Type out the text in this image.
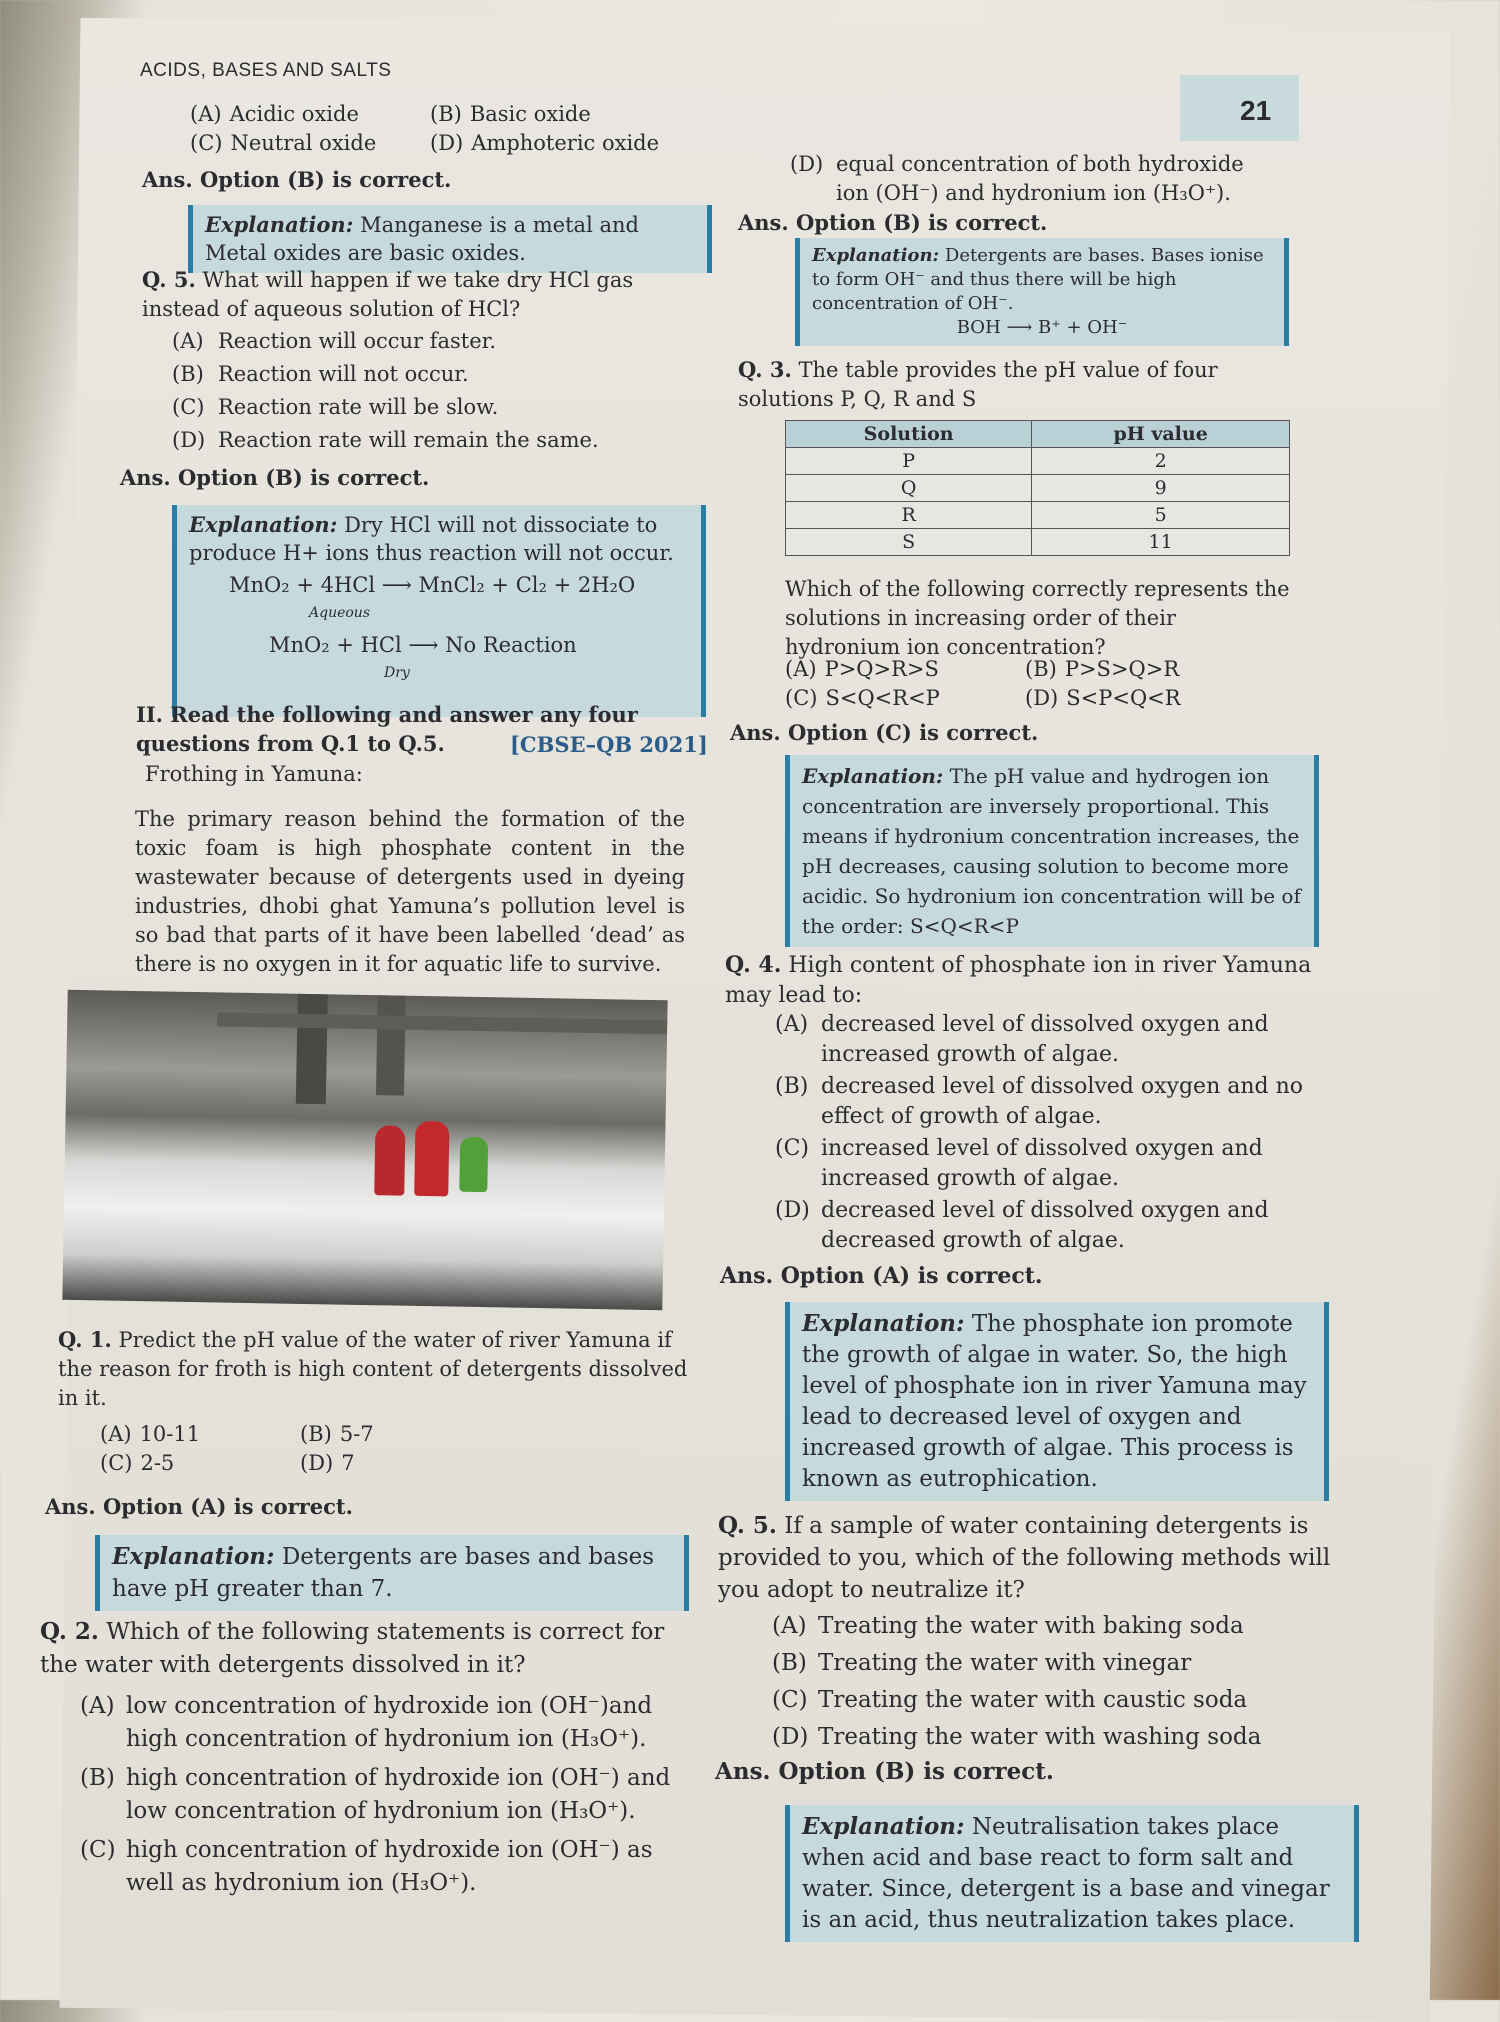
ACIDS, BASES AND SALTS
21
(A) Acidic oxide	(B) Basic oxide
(C) Neutral oxide	(D) Amphoteric oxide
Ans. Option (B) is correct.
Explanation: Manganese is a metal and Metal oxides are basic oxides.
Q. 5. What will happen if we take dry HCl gas instead of aqueous solution of HCl?
(A) Reaction will occur faster.
(B) Reaction will not occur.
(C) Reaction rate will be slow.
(D) Reaction rate will remain the same.
Ans. Option (B) is correct.
Explanation: Dry HCl will not dissociate to produce H+ ions thus reaction will not occur.
MnO₂ + 4HCl ⟶ MnCl₂ + Cl₂ + 2H₂O
Aqueous
MnO₂ + HCl ⟶ No Reaction
Dry
II. Read the following and answer any four questions from Q.1 to Q.5.	[CBSE–QB 2021]
Frothing in Yamuna:
The primary reason behind the formation of the toxic foam is high phosphate content in the wastewater because of detergents used in dyeing industries, dhobi ghat Yamuna’s pollution level is so bad that parts of it have been labelled ‘dead’ as there is no oxygen in it for aquatic life to survive.
Q. 1. Predict the pH value of the water of river Yamuna if the reason for froth is high content of detergents dissolved in it.
(A) 10-11	(B) 5-7
(C) 2-5	(D) 7
Ans. Option (A) is correct.
Explanation: Detergents are bases and bases have pH greater than 7.
Q. 2. Which of the following statements is correct for the water with detergents dissolved in it?
(A) low concentration of hydroxide ion (OH⁻)and high concentration of hydronium ion (H₃O⁺).
(B) high concentration of hydroxide ion (OH⁻) and low concentration of hydronium ion (H₃O⁺).
(C) high concentration of hydroxide ion (OH⁻) as well as hydronium ion (H₃O⁺).
(D) equal concentration of both hydroxide ion (OH⁻) and hydronium ion (H₃O⁺).
Ans. Option (B) is correct.
Explanation: Detergents are bases. Bases ionise to form OH⁻ and thus there will be high concentration of OH⁻.
BOH ⟶ B⁺ + OH⁻
Q. 3. The table provides the pH value of four solutions P, Q, R and S
Solution	pH value
P	2
Q	9
R	5
S	11
Which of the following correctly represents the solutions in increasing order of their hydronium ion concentration?
(A) P>Q>R>S	(B) P>S>Q>R
(C) S<Q<R<P	(D) S<P<Q<R
Ans. Option (C) is correct.
Explanation: The pH value and hydrogen ion concentration are inversely proportional. This means if hydronium concentration increases, the pH decreases, causing solution to become more acidic. So hydronium ion concentration will be of the order: S<Q<R<P
Q. 4. High content of phosphate ion in river Yamuna may lead to:
(A) decreased level of dissolved oxygen and increased growth of algae.
(B) decreased level of dissolved oxygen and no effect of growth of algae.
(C) increased level of dissolved oxygen and increased growth of algae.
(D) decreased level of dissolved oxygen and decreased growth of algae.
Ans. Option (A) is correct.
Explanation: The phosphate ion promote the growth of algae in water. So, the high level of phosphate ion in river Yamuna may lead to decreased level of oxygen and increased growth of algae. This process is known as eutrophication.
Q. 5. If a sample of water containing detergents is provided to you, which of the following methods will you adopt to neutralize it?
(A) Treating the water with baking soda
(B) Treating the water with vinegar
(C) Treating the water with caustic soda
(D) Treating the water with washing soda
Ans. Option (B) is correct.
Explanation: Neutralisation takes place when acid and base react to form salt and water. Since, detergent is a base and vinegar is an acid, thus neutralization takes place.
